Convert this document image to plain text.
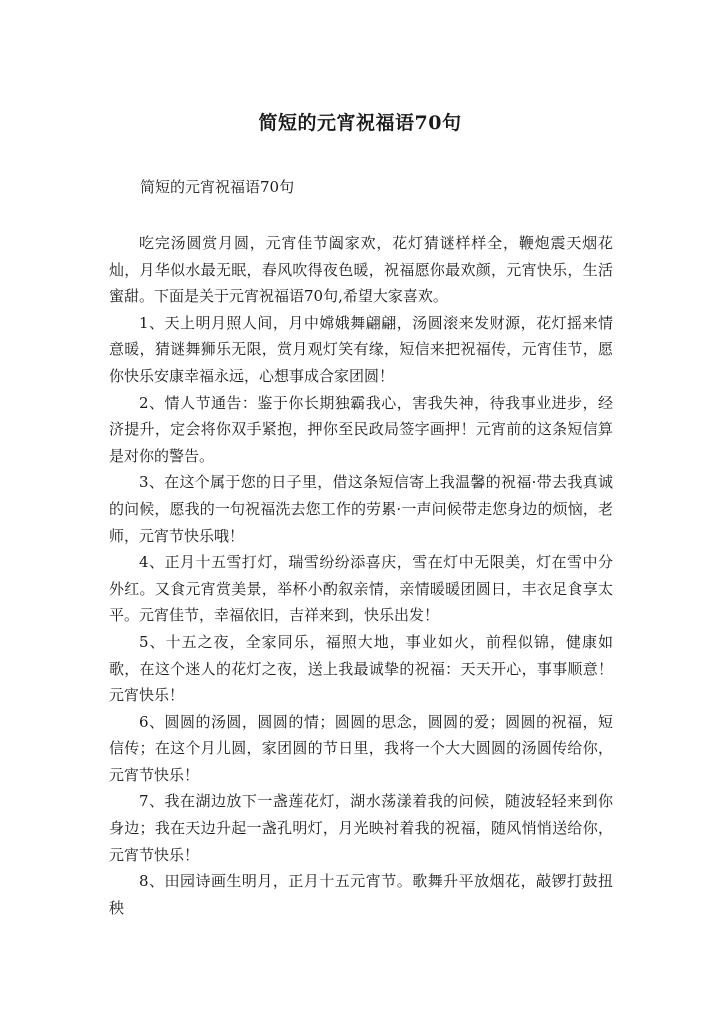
简短的元宵祝福语70句
简短的元宵祝福语70句

吃完汤圆赏月圆，元宵佳节阖家欢，花灯猜谜样样全，鞭炮震天烟花灿，月华似水最无眠，春风吹得夜色暖，祝福愿你最欢颜，元宵快乐，生活蜜甜。下面是关于元宵祝福语70句,希望大家喜欢。

1、天上明月照人间，月中嫦娥舞翩翩，汤圆滚来发财源，花灯摇来情意暖，猜谜舞狮乐无限，赏月观灯笑有缘，短信来把祝福传，元宵佳节，愿你快乐安康幸福永远，心想事成合家团圆！

2、情人节通告：鉴于你长期独霸我心，害我失神，待我事业进步，经济提升，定会将你双手紧抱，押你至民政局签字画押！元宵前的这条短信算是对你的警告。

3、在这个属于您的日子里，借这条短信寄上我温馨的祝福·带去我真诚的问候，愿我的一句祝福洗去您工作的劳累·一声问候带走您身边的烦恼，老师，元宵节快乐哦！

4、正月十五雪打灯，瑞雪纷纷添喜庆，雪在灯中无限美，灯在雪中分外红。又食元宵赏美景，举杯小酌叙亲情，亲情暖暖团圆日，丰衣足食享太平。元宵佳节，幸福依旧，吉祥来到，快乐出发！

5、十五之夜，全家同乐，福照大地，事业如火，前程似锦，健康如歌，在这个迷人的花灯之夜，送上我最诚挚的祝福：天天开心，事事顺意！元宵快乐！

6、圆圆的汤圆，圆圆的情；圆圆的思念，圆圆的爱；圆圆的祝福，短信传；在这个月儿圆，家团圆的节日里，我将一个大大圆圆的汤圆传给你，元宵节快乐！

7、我在湖边放下一盏莲花灯，湖水荡漾着我的问候，随波轻轻来到你身边；我在天边升起一盏孔明灯，月光映衬着我的祝福，随风悄悄送给你，元宵节快乐！

8、田园诗画生明月，正月十五元宵节。歌舞升平放烟花，敲锣打鼓扭秧
